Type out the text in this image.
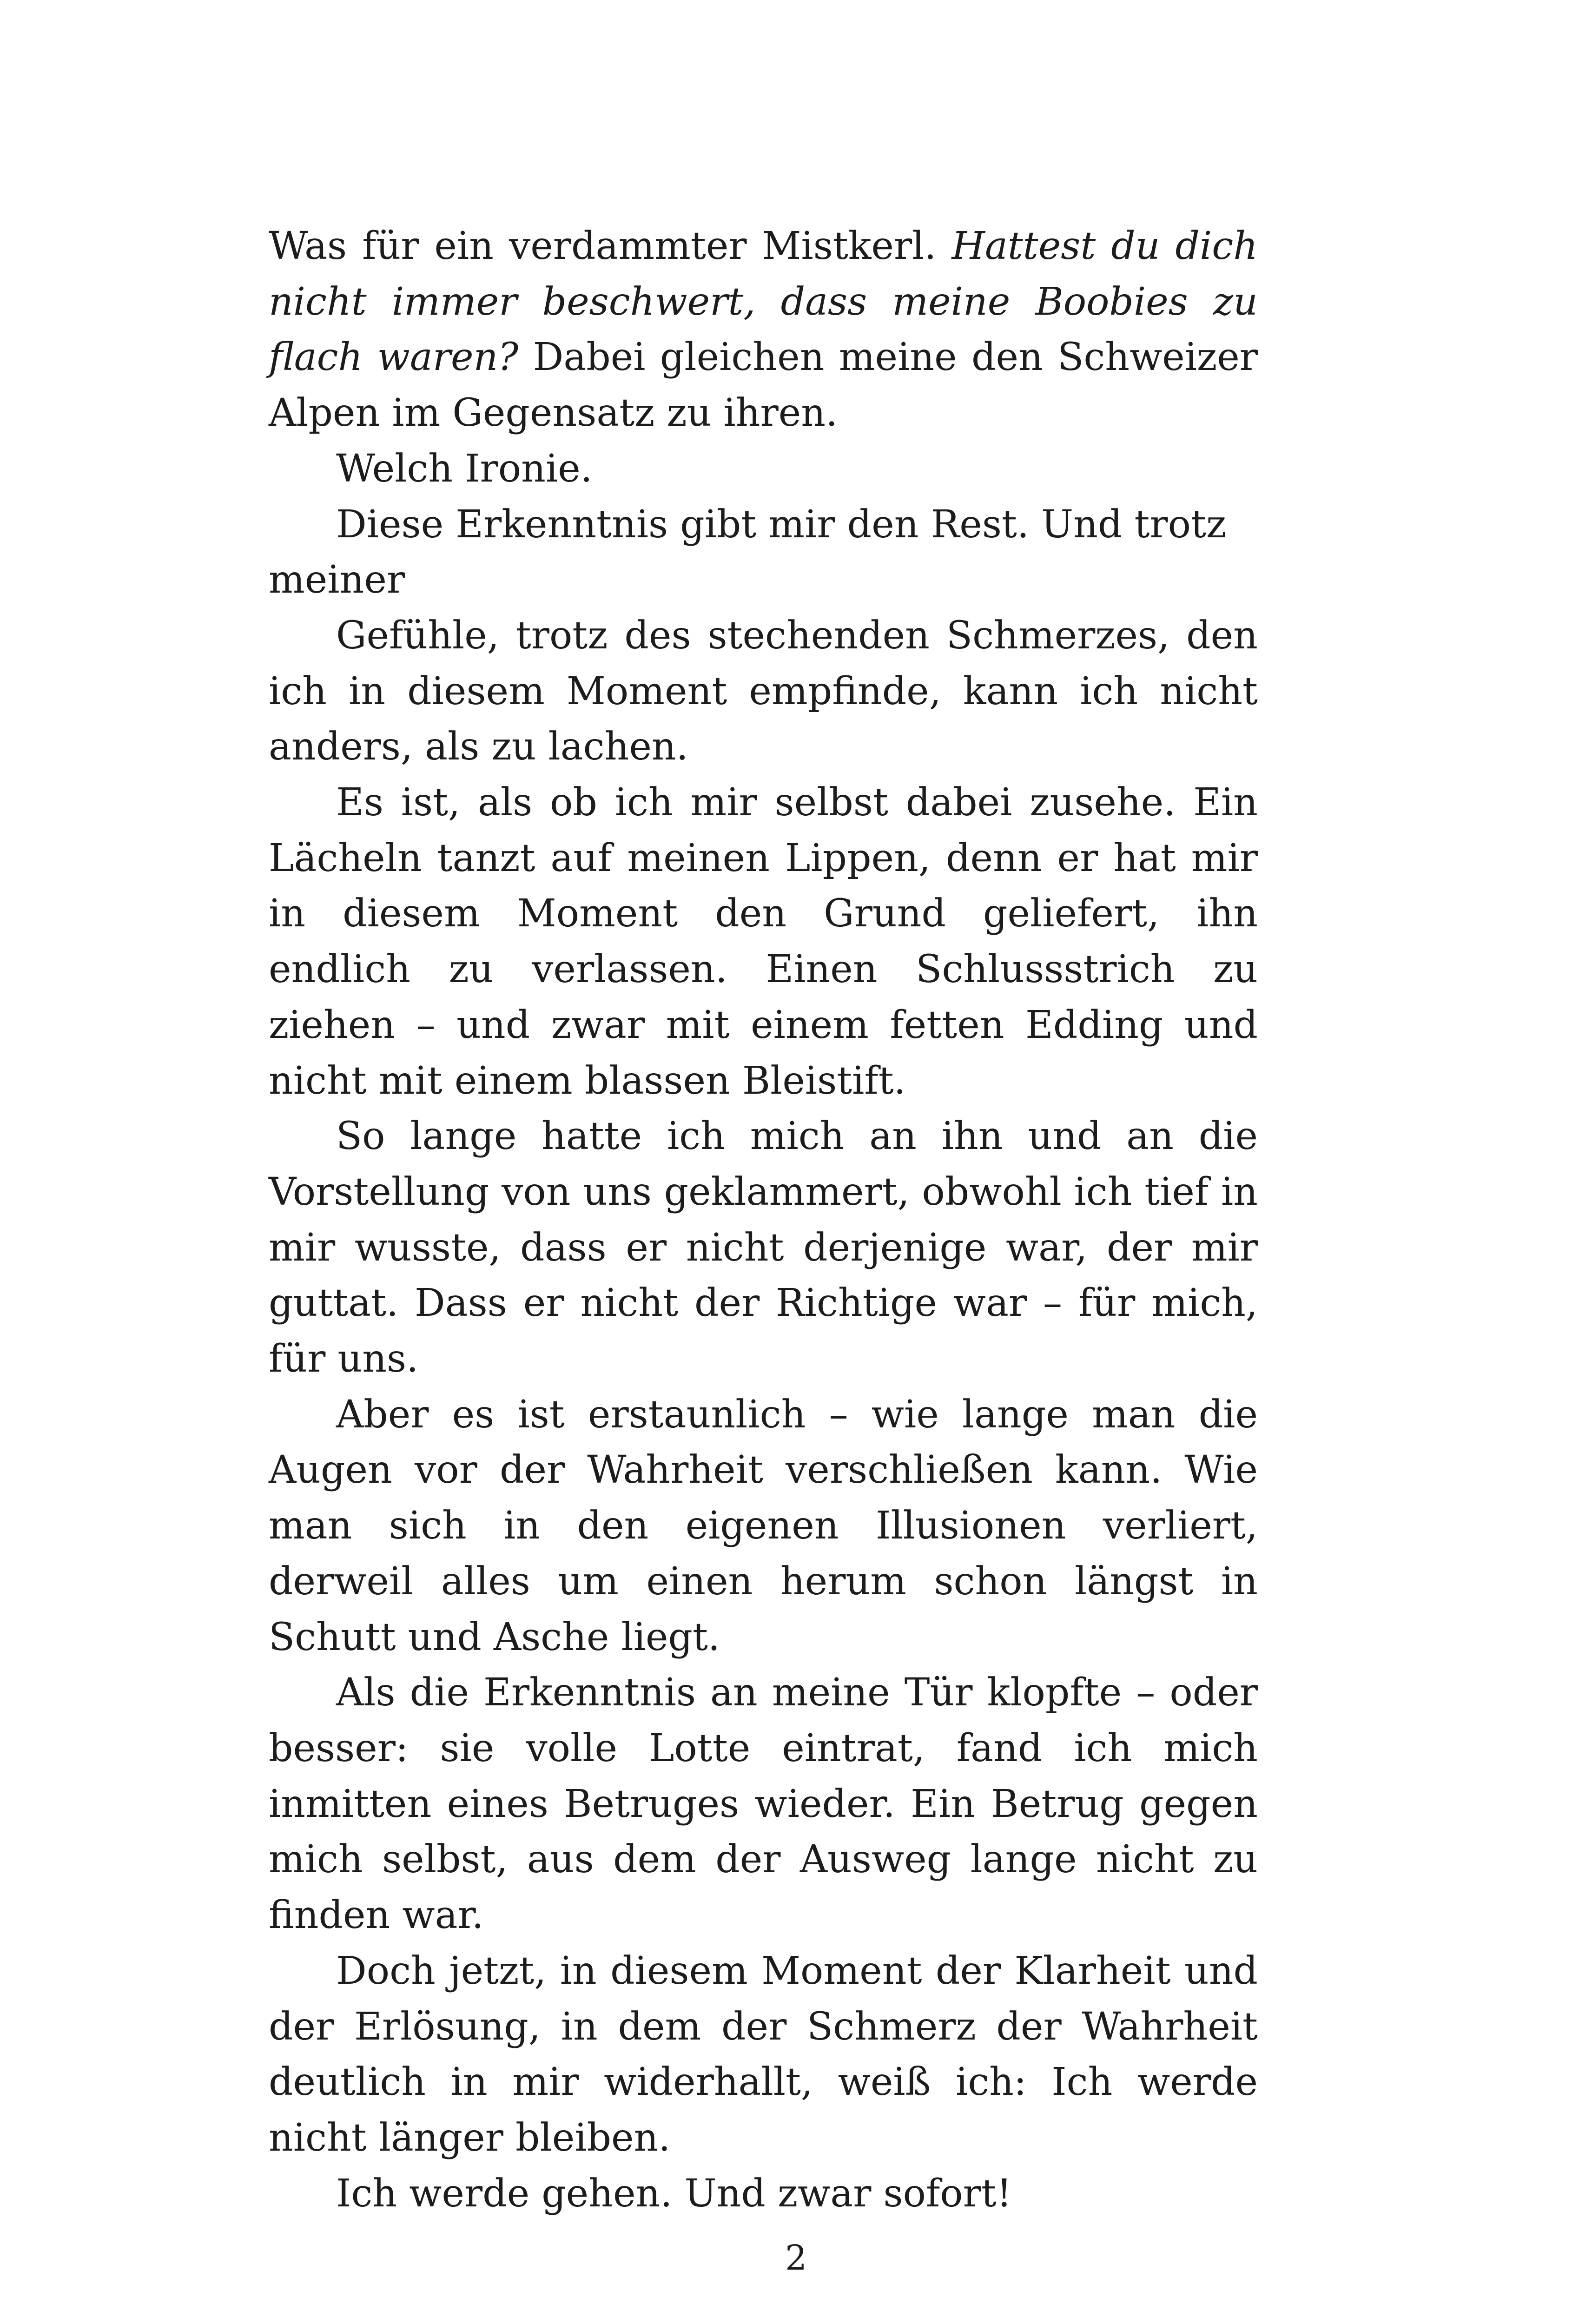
Was für ein verdammter Mistkerl. Hattest du dich nicht immer beschwert, dass meine Boobies zu flach waren? Dabei gleichen meine den Schweizer Alpen im Gegensatz zu ihren.

Welch Ironie.

Diese Erkenntnis gibt mir den Rest. Und trotz meiner

Gefühle, trotz des stechenden Schmerzes, den ich in diesem Moment empfinde, kann ich nicht anders, als zu lachen.

Es ist, als ob ich mir selbst dabei zusehe. Ein Lächeln tanzt auf meinen Lippen, denn er hat mir in diesem Moment den Grund geliefert, ihn endlich zu verlassen. Einen Schlussstrich zu ziehen – und zwar mit einem fetten Edding und nicht mit einem blassen Bleistift.

So lange hatte ich mich an ihn und an die Vorstellung von uns geklammert, obwohl ich tief in mir wusste, dass er nicht derjenige war, der mir guttat. Dass er nicht der Richtige war – für mich, für uns.

Aber es ist erstaunlich – wie lange man die Augen vor der Wahrheit verschließen kann. Wie man sich in den eigenen Illusionen verliert, derweil alles um einen herum schon längst in Schutt und Asche liegt.

Als die Erkenntnis an meine Tür klopfte – oder besser: sie volle Lotte eintrat, fand ich mich inmitten eines Betruges wieder. Ein Betrug gegen mich selbst, aus dem der Ausweg lange nicht zu finden war.

Doch jetzt, in diesem Moment der Klarheit und der Erlösung, in dem der Schmerz der Wahrheit deutlich in mir widerhallt, weiß ich: Ich werde nicht länger bleiben.

Ich werde gehen. Und zwar sofort!

2
